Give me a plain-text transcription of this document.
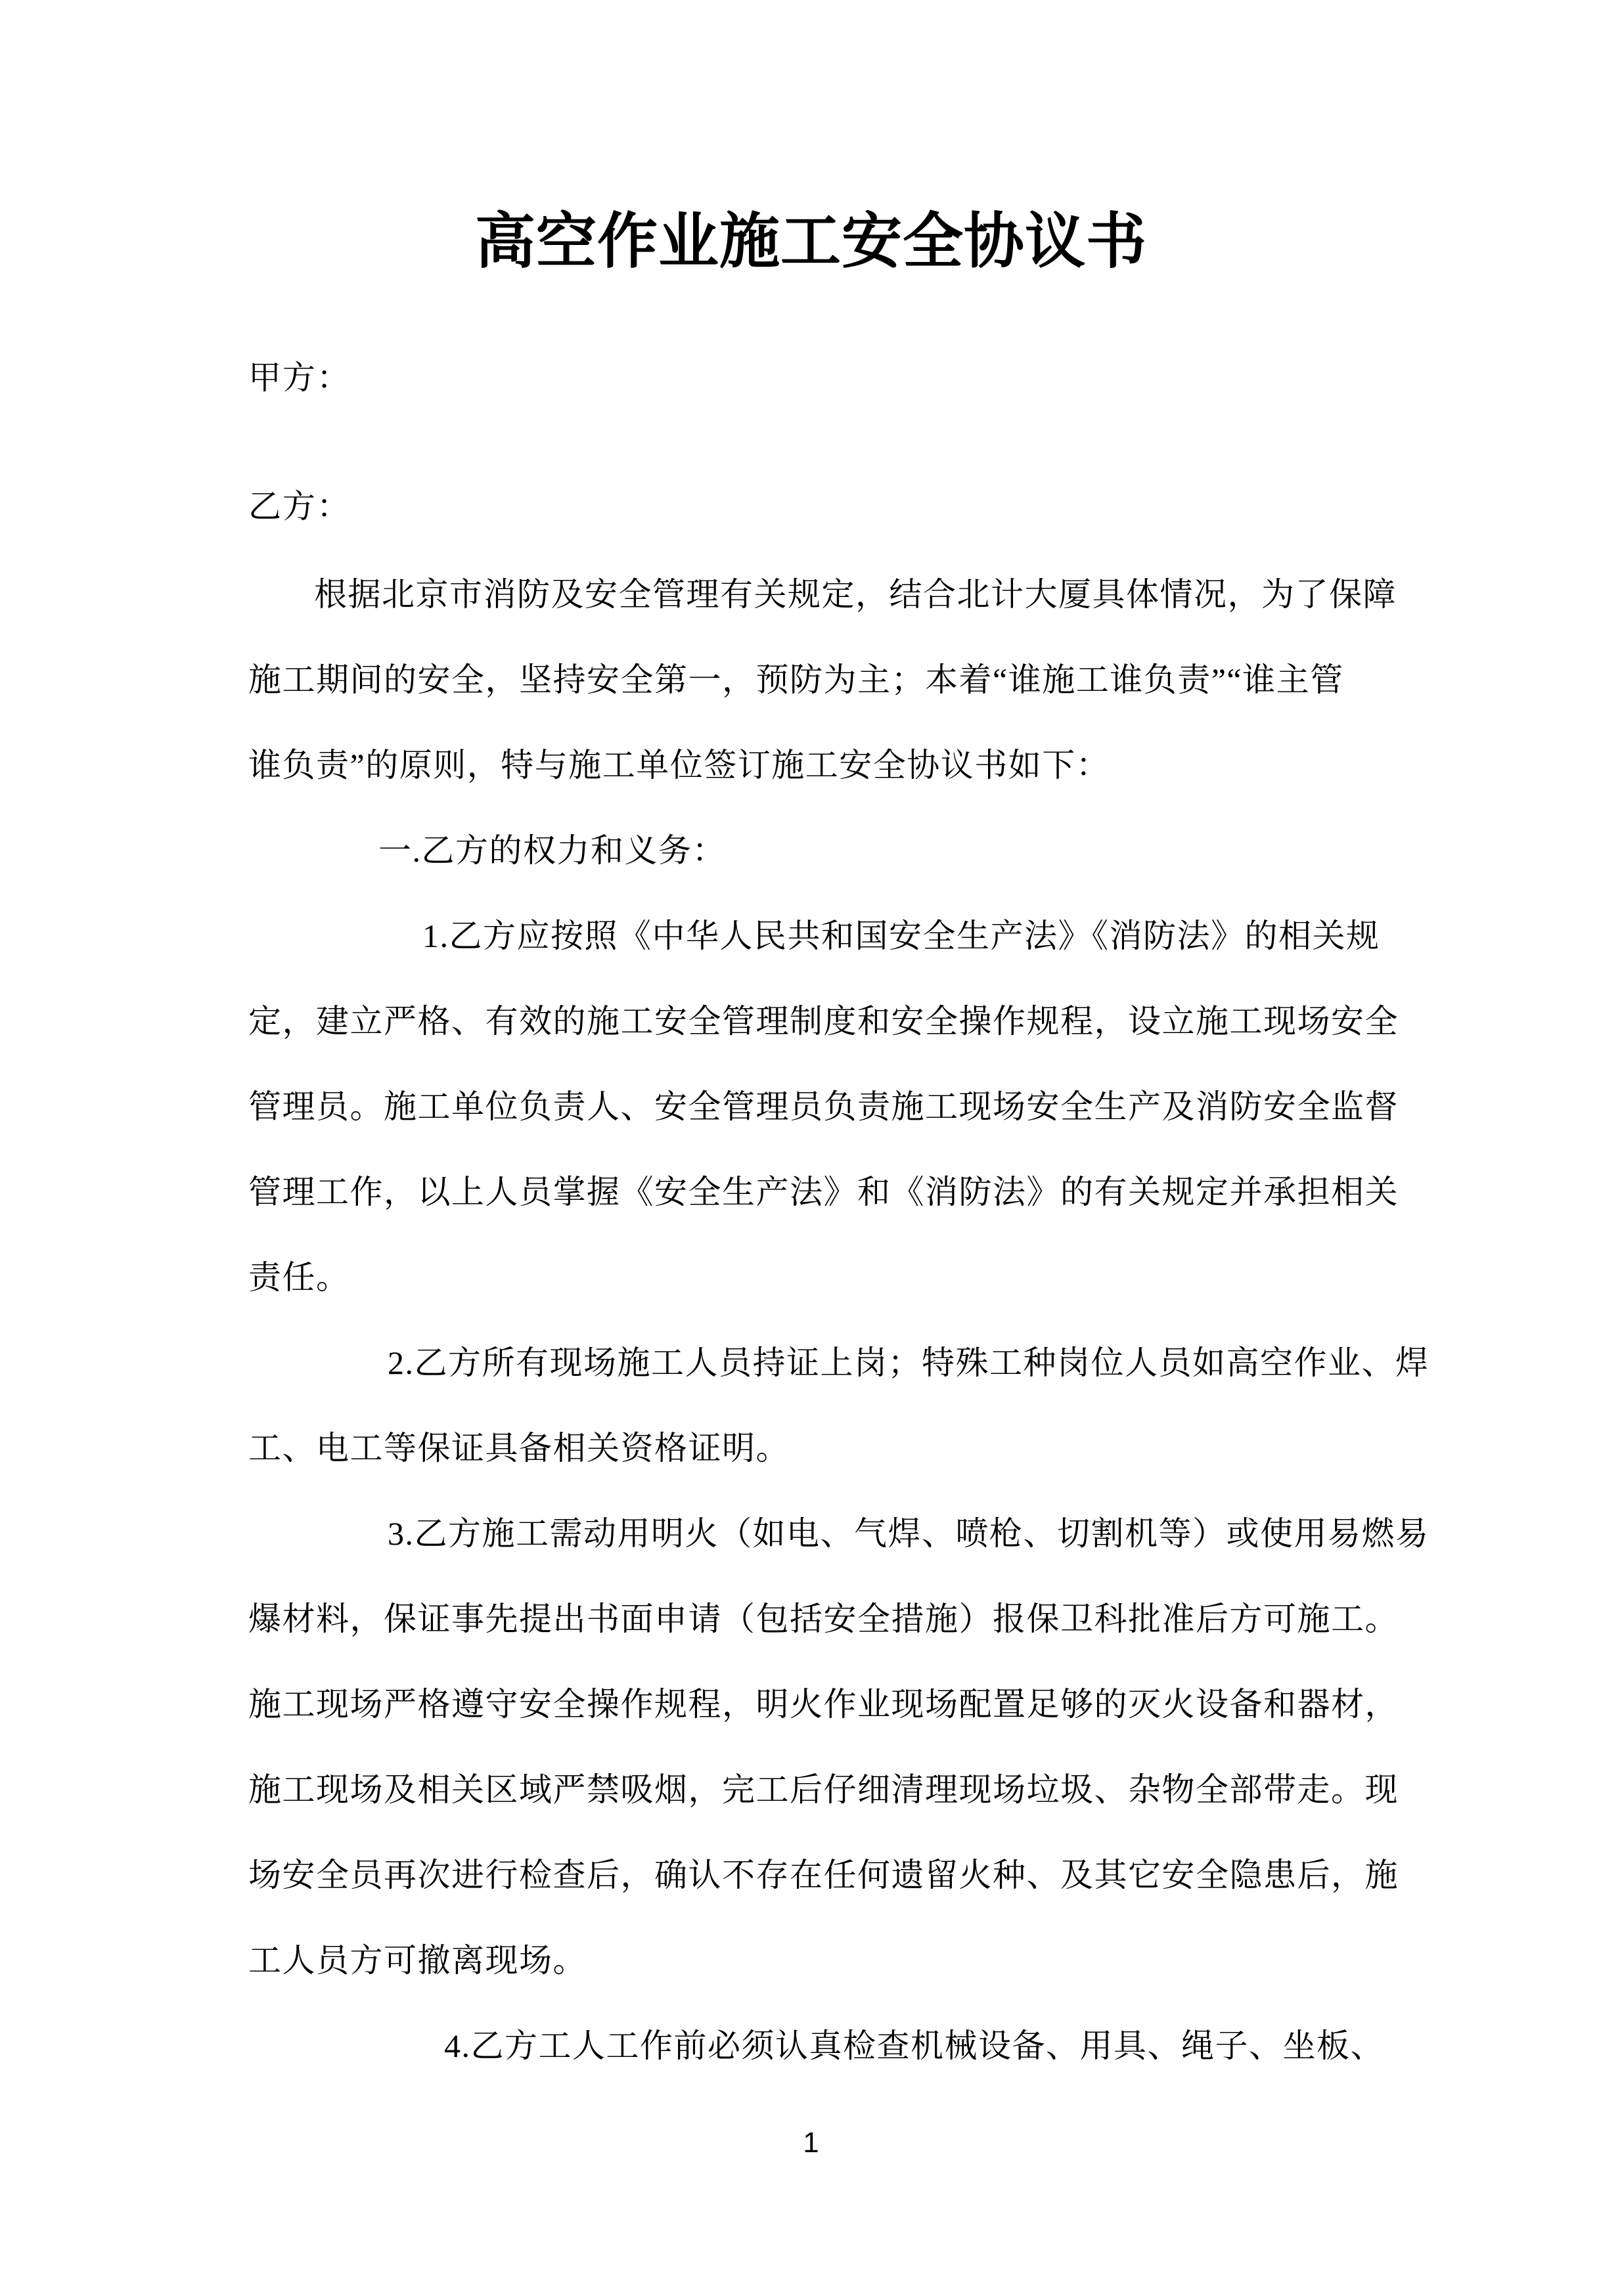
高空作业施工安全协议书
甲方：
乙方：
根据北京市消防及安全管理有关规定，结合北计大厦具体情况，为了保障
施工期间的安全，坚持安全第一，预防为主；本着“谁施工谁负责”“谁主管
谁负责”的原则，特与施工单位签订施工安全协议书如下：
一.乙方的权力和义务：
1.乙方应按照《中华人民共和国安全生产法》《消防法》的相关规
定，建立严格、有效的施工安全管理制度和安全操作规程，设立施工现场安全
管理员。施工单位负责人、安全管理员负责施工现场安全生产及消防安全监督
管理工作，以上人员掌握《安全生产法》和《消防法》的有关规定并承担相关
责任。
2.乙方所有现场施工人员持证上岗；特殊工种岗位人员如高空作业、焊
工、电工等保证具备相关资格证明。
3.乙方施工需动用明火（如电、气焊、喷枪、切割机等）或使用易燃易
爆材料，保证事先提出书面申请（包括安全措施）报保卫科批准后方可施工。
施工现场严格遵守安全操作规程，明火作业现场配置足够的灭火设备和器材，
施工现场及相关区域严禁吸烟，完工后仔细清理现场垃圾、杂物全部带走。现
场安全员再次进行检查后，确认不存在任何遗留火种、及其它安全隐患后，施
工人员方可撤离现场。
4.乙方工人工作前必须认真检查机械设备、用具、绳子、坐板、
1
